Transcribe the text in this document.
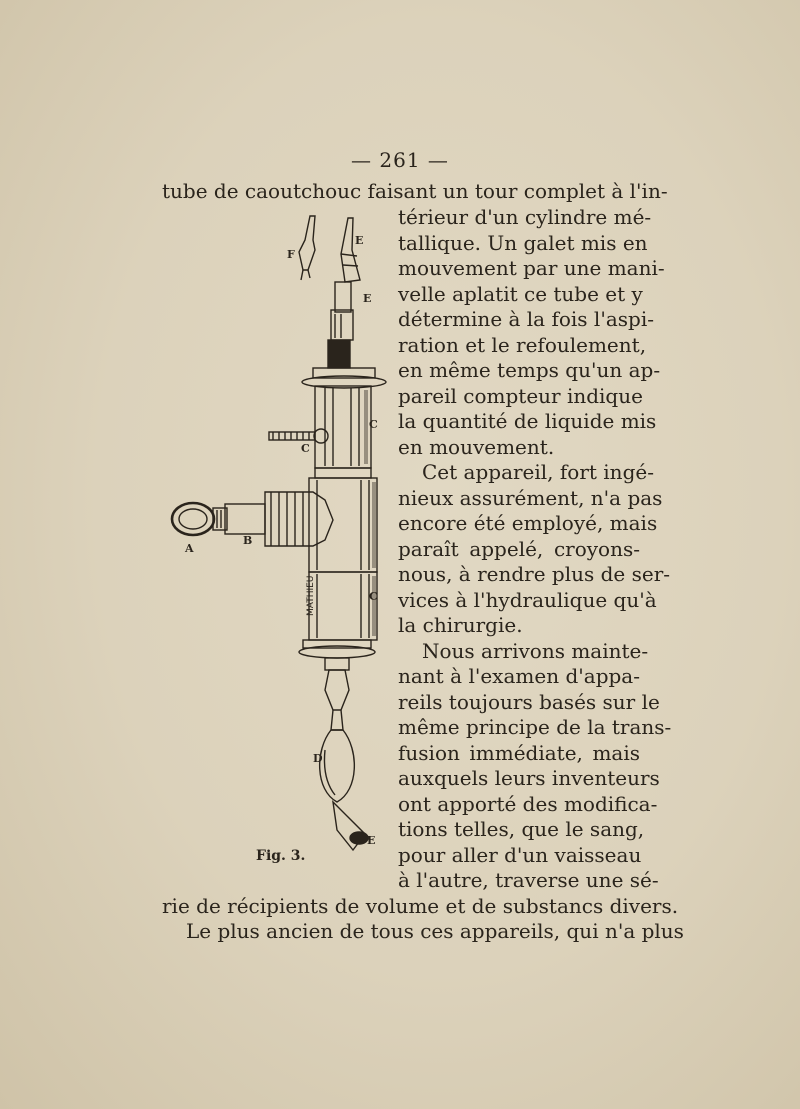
— 261 —
tube de caoutchouc faisant un tour complet à l'in-
térieur d'un cylindre mé-
tallique. Un galet mis en
mouvement par une mani-
velle aplatit ce tube et y
détermine à la fois l'aspi-
ration et le refoulement,
en même temps qu'un ap-
pareil compteur indique
la quantité de liquide mis
en mouvement.
Cet appareil, fort ingé-
nieux assurément, n'a pas
encore été employé, mais
paraît appelé, croyons-
nous, à rendre plus de ser-
vices à l'hydraulique qu'à
la chirurgie.
Nous arrivons mainte-
nant à l'examen d'appa-
reils toujours basés sur le
même principe de la trans-
fusion immédiate, mais
auxquels leurs inventeurs
ont apporté des modifica-
tions telles, que le sang,
pour aller d'un vaisseau
à l'autre, traverse une sé-
rie de récipients de volume et de substancs divers.
Le plus ancien de tous ces appareils, qui n'a plus
F
E
E
C
C
A
B
C
D
E
MATHIEU
Fig. 3.
